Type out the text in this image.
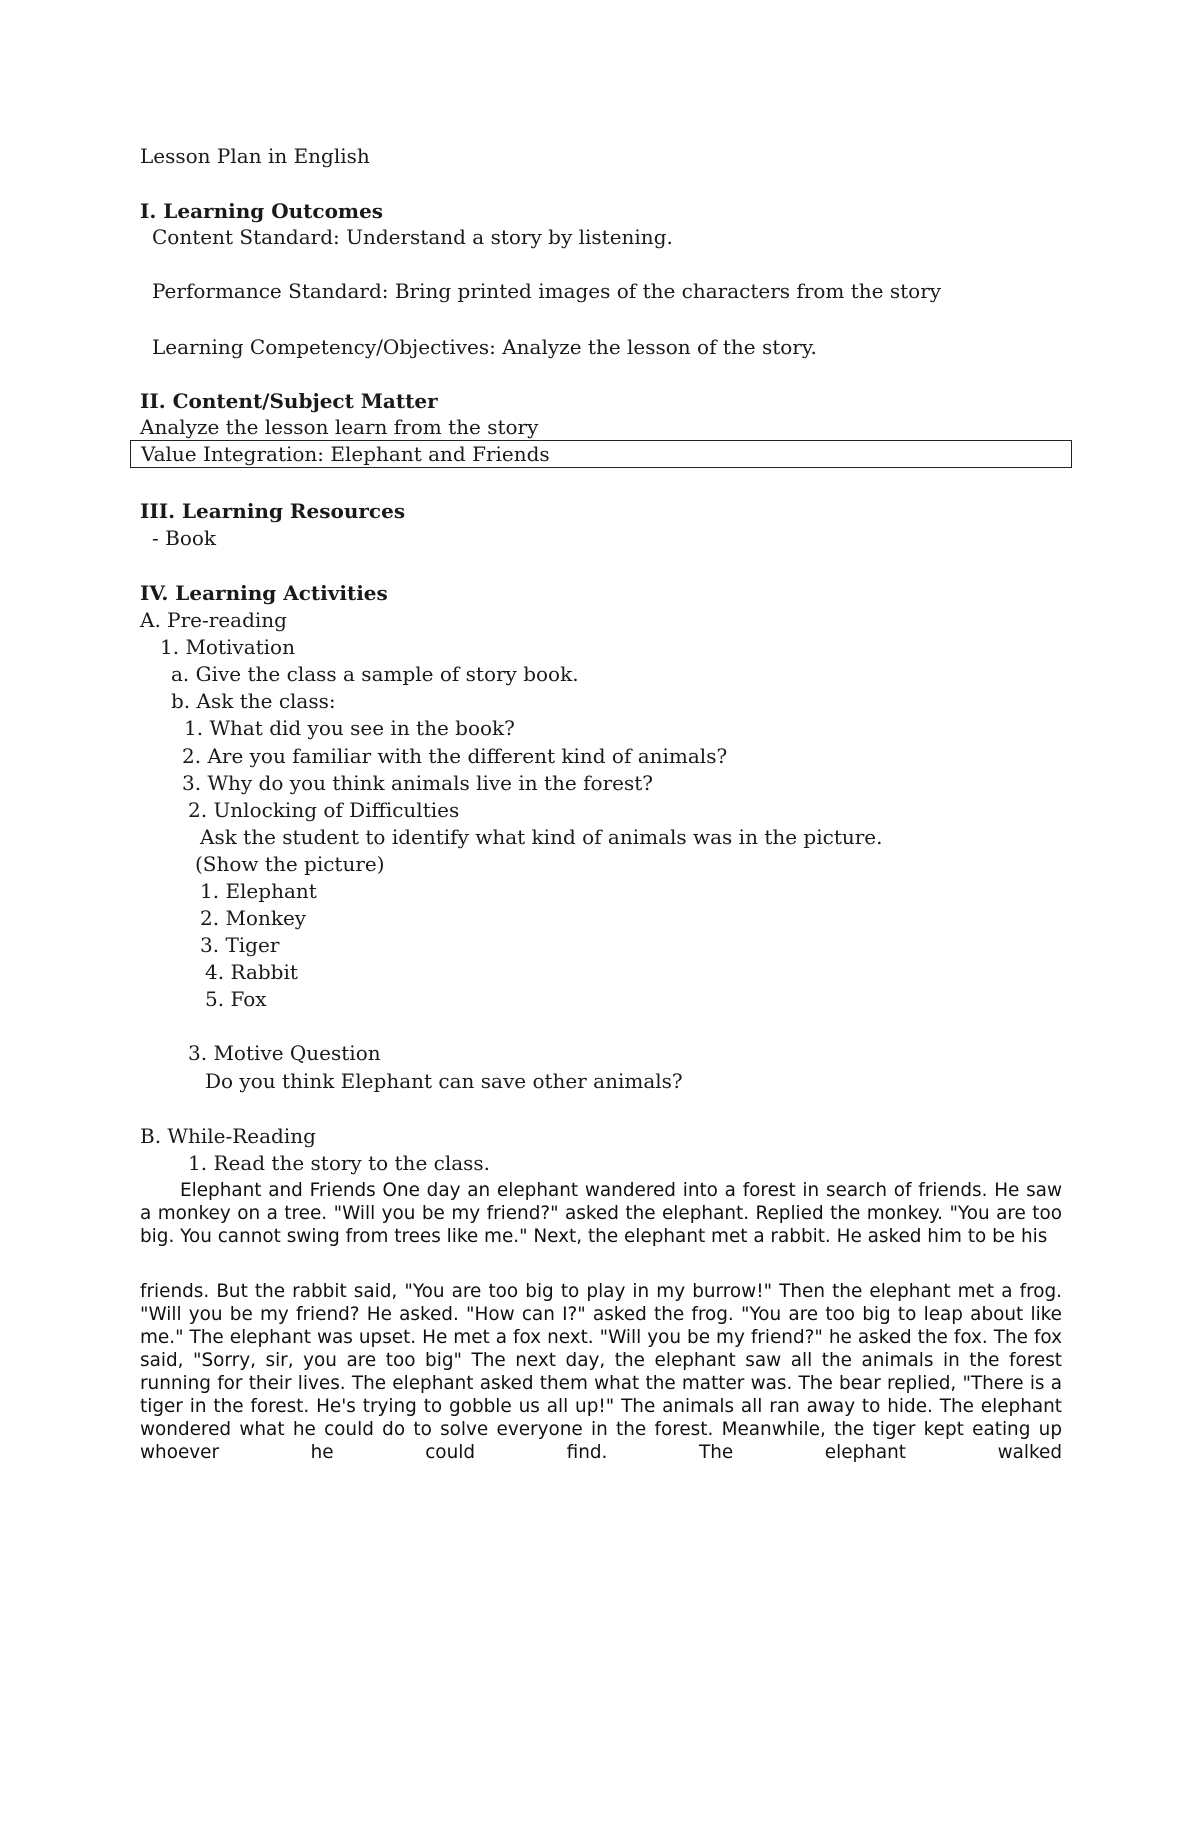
Lesson Plan in English
I. Learning Outcomes
Content Standard: Understand a story by listening.
Performance Standard: Bring printed images of the characters from the story
Learning Competency/Objectives: Analyze the lesson of the story.
II. Content/Subject Matter
Analyze the lesson learn from the story
Value Integration: Elephant and Friends
III. Learning Resources
- Book
IV. Learning Activities
A. Pre-reading
1. Motivation
a. Give the class a sample of story book.
b. Ask the class:
1. What did you see in the book?
2. Are you familiar with the different kind of animals?
3. Why do you think animals live in the forest?
2. Unlocking of Difficulties
Ask the student to identify what kind of animals was in the picture.
(Show the picture)
1. Elephant
2. Monkey
3. Tiger
4. Rabbit
5. Fox
3. Motive Question
Do you think Elephant can save other animals?
B. While-Reading
1. Read the story to the class.
Elephant and Friends One day an elephant wandered into a forest in search of friends. He saw a monkey on a tree. "Will you be my friend?" asked the elephant. Replied the monkey. "You are too big. You cannot swing from trees like me." Next, the elephant met a rabbit. He asked him to be his
friends. But the rabbit said, "You are too big to play in my burrow!" Then the elephant met a frog. "Will you be my friend? He asked. "How can I?" asked the frog. "You are too big to leap about like me." The elephant was upset. He met a fox next. "Will you be my friend?" he asked the fox. The fox said, "Sorry, sir, you are too big" The next day, the elephant saw all the animals in the forest running for their lives. The elephant asked them what the matter was. The bear replied, "There is a tiger in the forest. He's trying to gobble us all up!" The animals all ran away to hide. The elephant wondered what he could do to solve everyone in the forest. Meanwhile, the tiger kept eating up whoever he could find. The elephant walked
